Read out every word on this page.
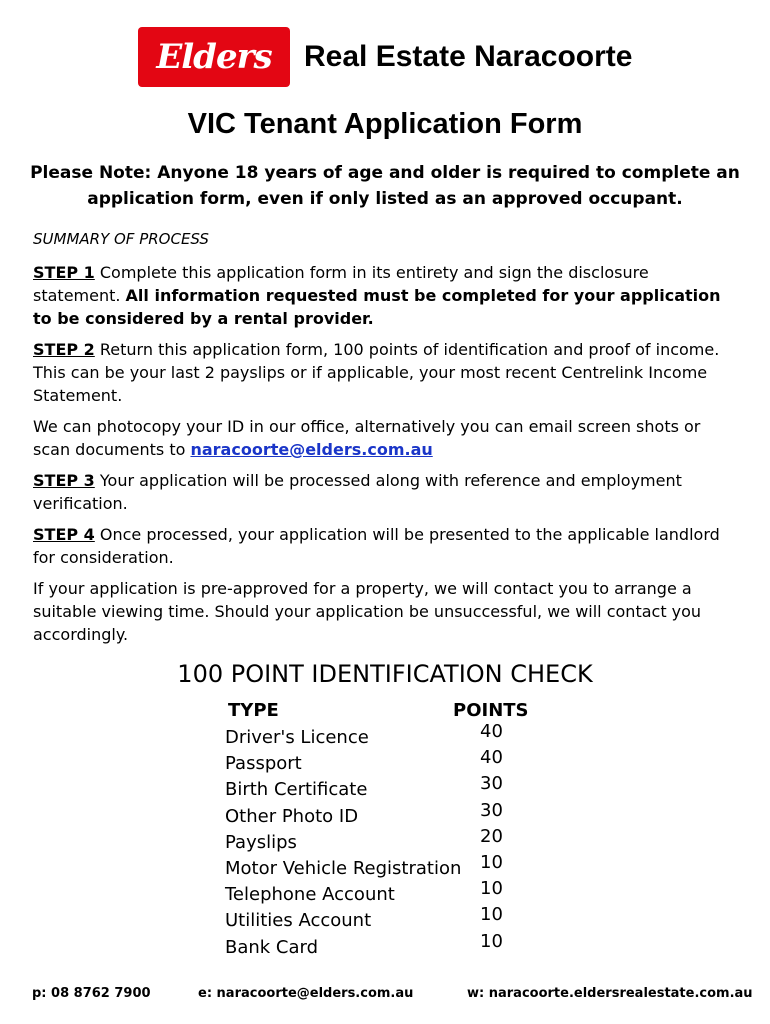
Elders Real Estate Naracoorte
VIC Tenant Application Form
Please Note: Anyone 18 years of age and older is required to complete an application form, even if only listed as an approved occupant.

SUMMARY OF PROCESS

STEP 1 Complete this application form in its entirety and sign the disclosure statement. All information requested must be completed for your application to be considered by a rental provider.

STEP 2 Return this application form, 100 points of identification and proof of income. This can be your last 2 payslips or if applicable, your most recent Centrelink Income Statement.

We can photocopy your ID in our office, alternatively you can email screen shots or scan documents to naracoorte@elders.com.au

STEP 3 Your application will be processed along with reference and employment verification.

STEP 4 Once processed, your application will be presented to the applicable landlord for consideration.

If your application is pre-approved for a property, we will contact you to arrange a suitable viewing time. Should your application be unsuccessful, we will contact you accordingly.

100 POINT IDENTIFICATION CHECK
TYPE	POINTS
Driver's Licence	40
Passport	40
Birth Certificate	30
Other Photo ID	30
Payslips	20
Motor Vehicle Registration 10
Telephone Account	10
Utilities Account	10
Bank Card	10
p: 08 8762 7900	e: naracoorte@elders.com.au	w: naracoorte.eldersrealestate.com.au
